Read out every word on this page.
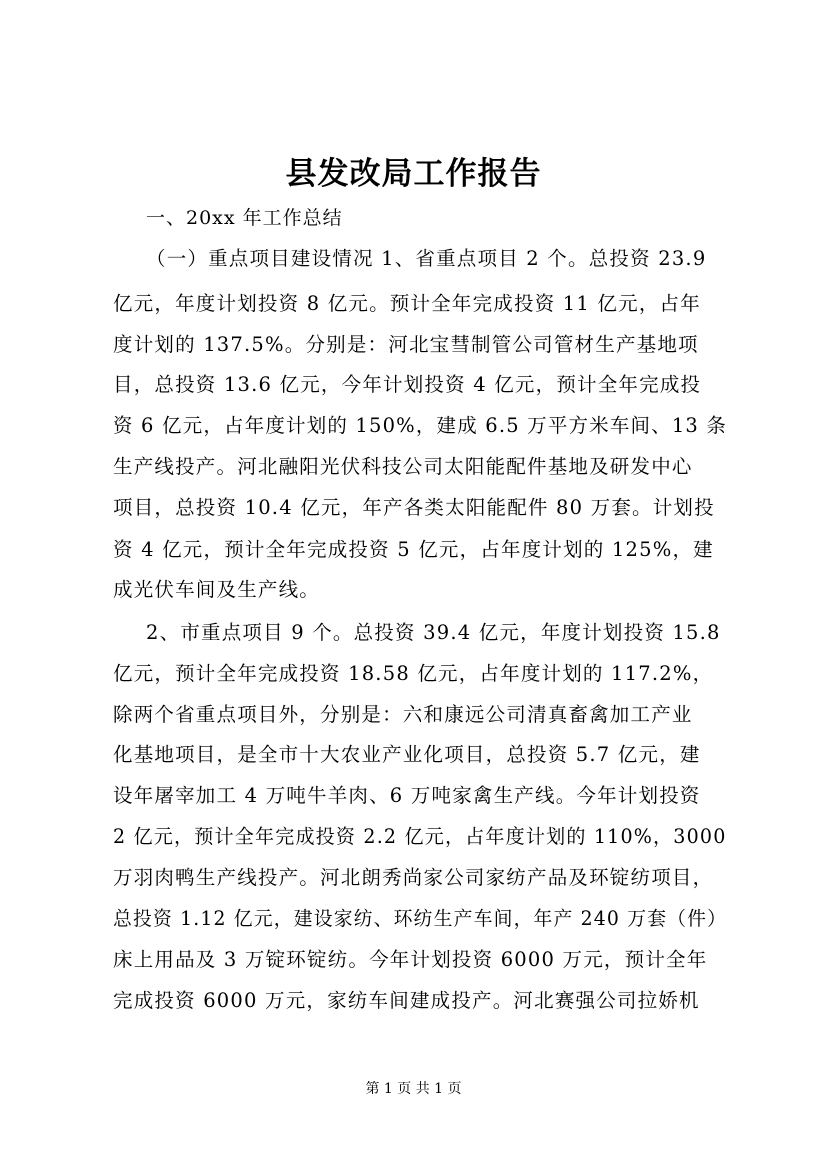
县发改局工作报告
一、20xx 年工作总结
（一）重点项目建设情况 1、省重点项目 2 个。总投资 23.9
亿元，年度计划投资 8 亿元。预计全年完成投资 11 亿元，占年
度计划的 137.5%。分别是：河北宝彗制管公司管材生产基地项
目，总投资 13.6 亿元，今年计划投资 4 亿元，预计全年完成投
资 6 亿元，占年度计划的 150%，建成 6.5 万平方米车间、13 条
生产线投产。河北融阳光伏科技公司太阳能配件基地及研发中心
项目，总投资 10.4 亿元，年产各类太阳能配件 80 万套。计划投
资 4 亿元，预计全年完成投资 5 亿元，占年度计划的 125%，建
成光伏车间及生产线。
2、市重点项目 9 个。总投资 39.4 亿元，年度计划投资 15.8
亿元，预计全年完成投资 18.58 亿元，占年度计划的 117.2%，
除两个省重点项目外，分别是：六和康远公司清真畜禽加工产业
化基地项目，是全市十大农业产业化项目，总投资 5.7 亿元，建
设年屠宰加工 4 万吨牛羊肉、6 万吨家禽生产线。今年计划投资
2 亿元，预计全年完成投资 2.2 亿元，占年度计划的 110%，3000
万羽肉鸭生产线投产。河北朗秀尚家公司家纺产品及环锭纺项目，
总投资 1.12 亿元，建设家纺、环纺生产车间，年产 240 万套（件）
床上用品及 3 万锭环锭纺。今年计划投资 6000 万元，预计全年
完成投资 6000 万元，家纺车间建成投产。河北赛强公司拉娇机
第 1 页 共 1 页
